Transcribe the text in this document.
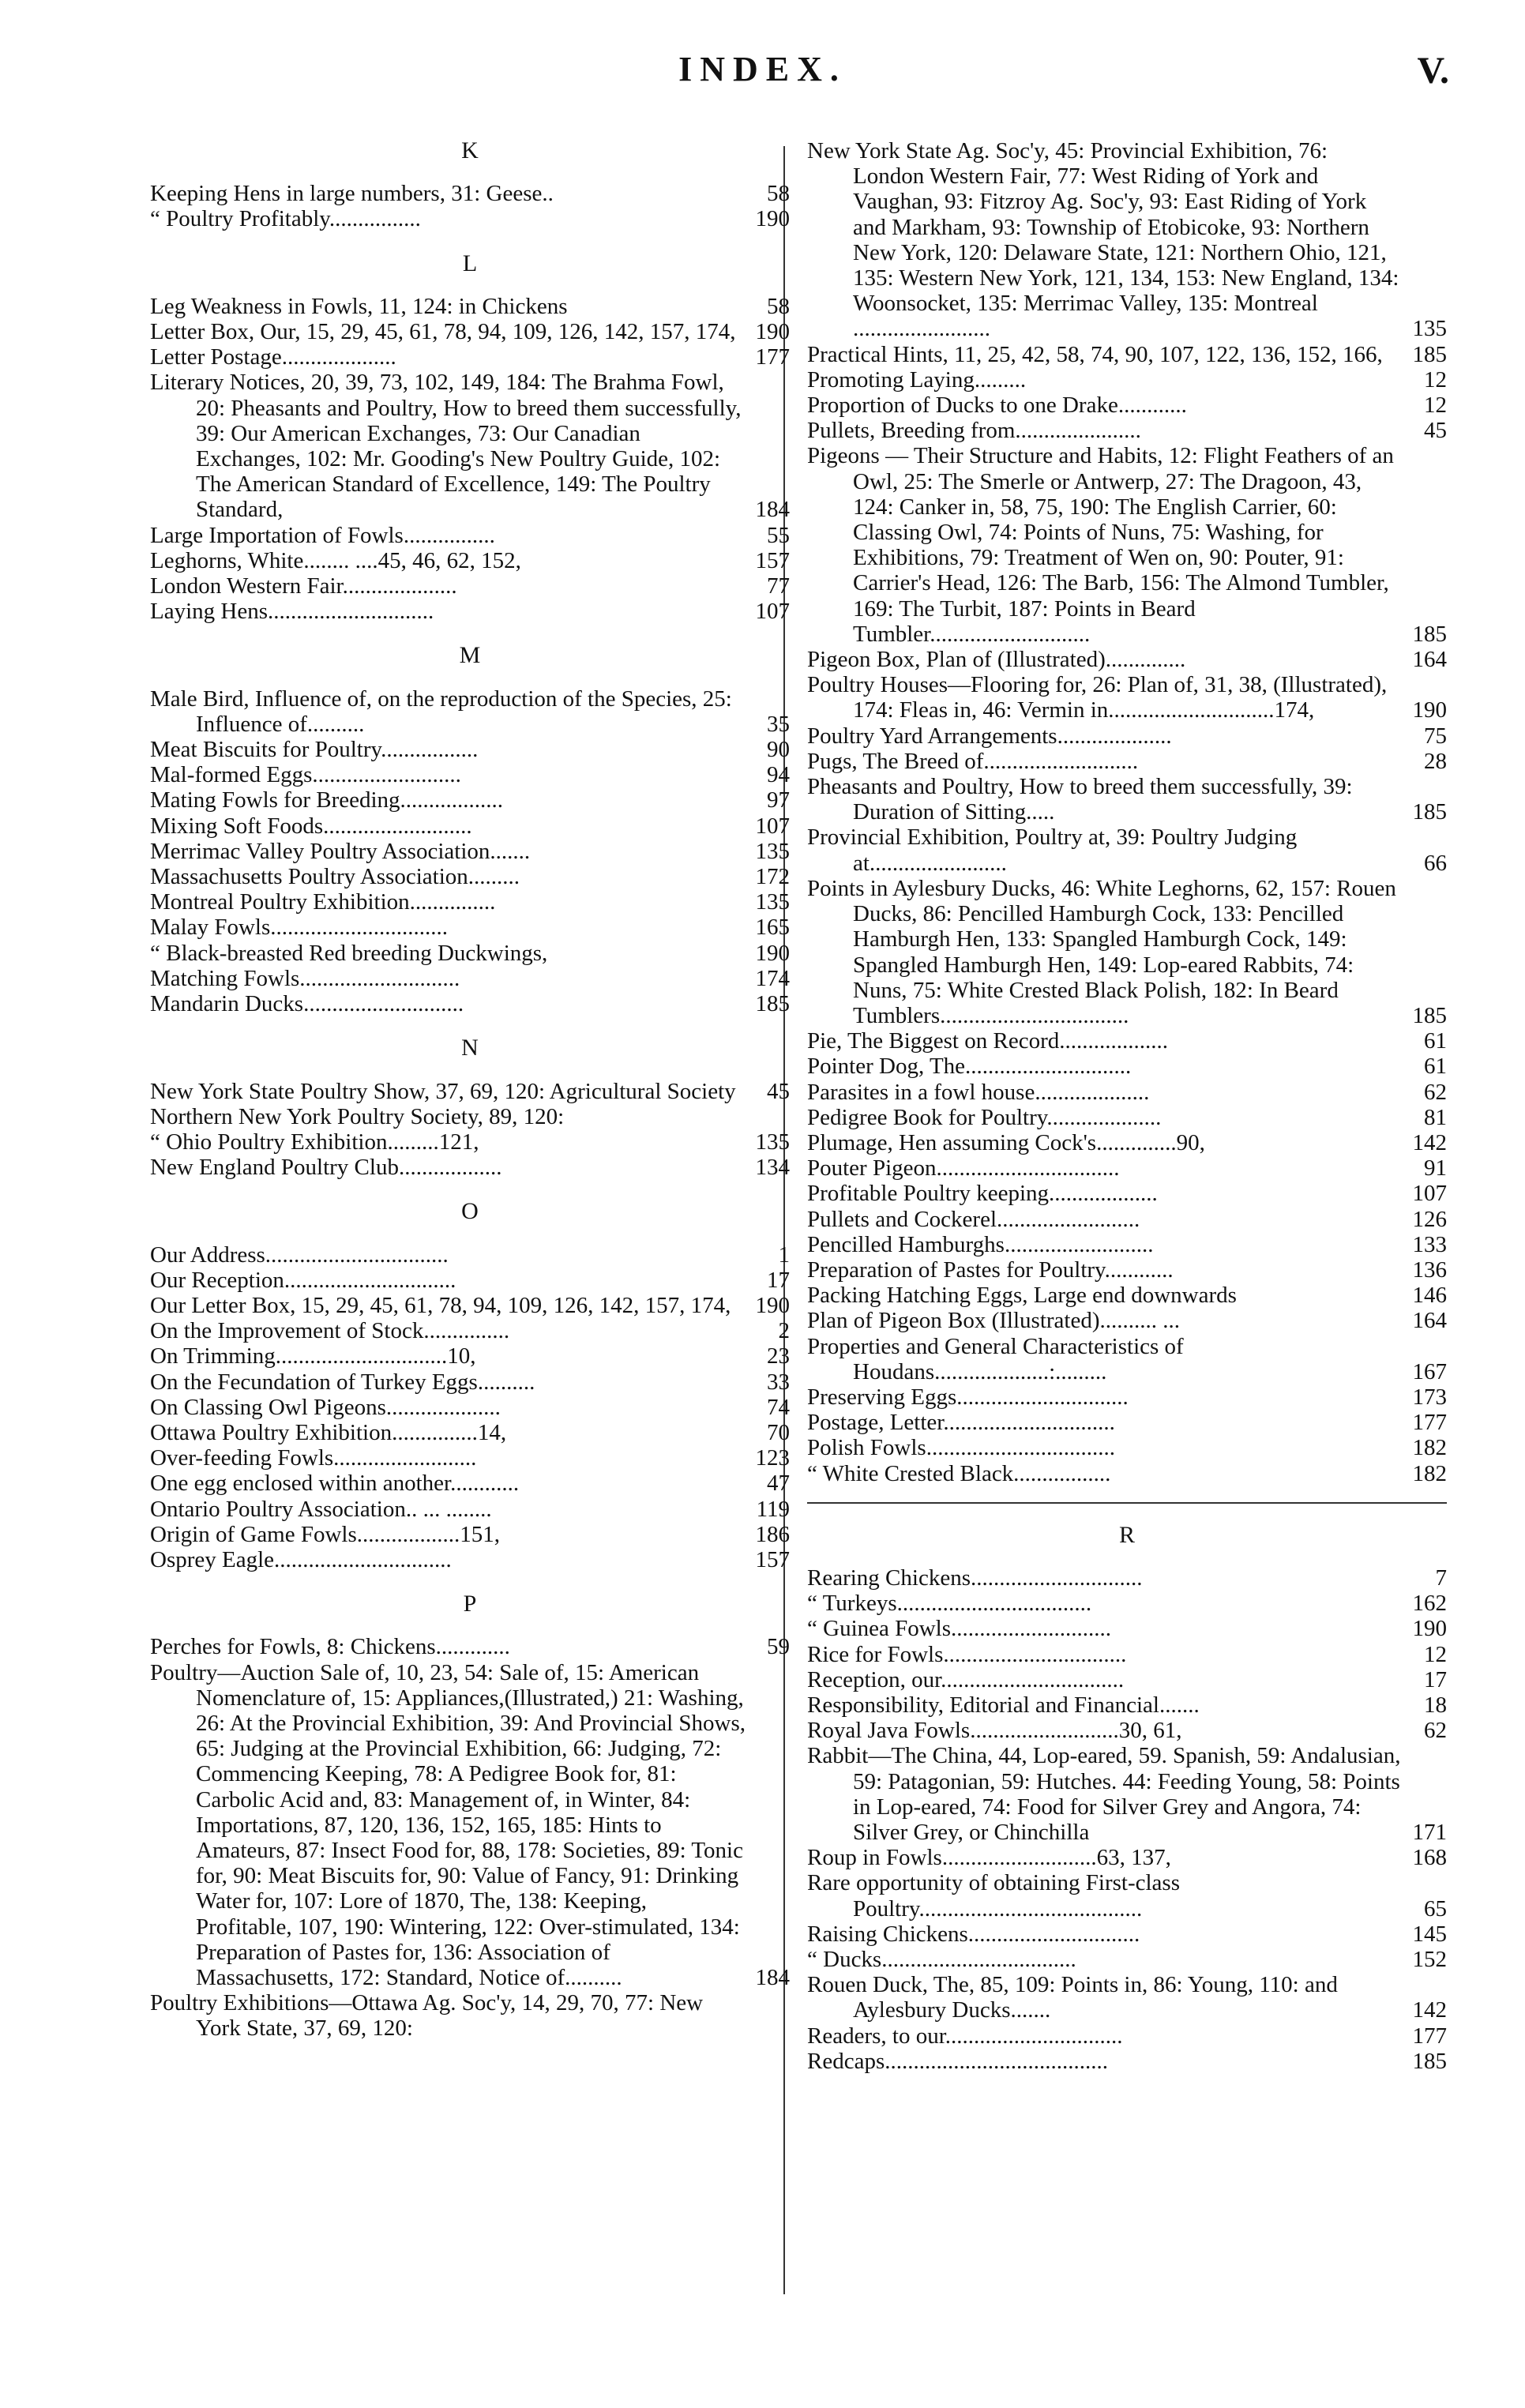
INDEX.	V.
K
Keeping Hens in large numbers, 31: Geese..	58
“ Poultry Profitably................	190
L
Leg Weakness in Fowls, 11, 124: in Chickens	58
Letter Box, Our, 15, 29, 45, 61, 78, 94, 109, 126, 142, 157, 174, 190
Letter Postage....................	177
Literary Notices, 20, 39, 73, 102, 149, 184: The Brahma Fowl, 20: Pheasants and Poultry, How to breed them successfully, 39: Our American Exchanges, 73: Our Canadian Exchanges, 102: Mr. Gooding's New Poultry Guide, 102: The American Standard of Excellence, 149: The Poultry Standard,	184
Large Importation of Fowls................	55
Leghorns, White........ ....45, 46, 62, 152,	157
London Western Fair....................	77
Laying Hens.............................	107
M
Male Bird, Influence of, on the reproduction of the Species, 25: Influence of..........	35
Meat Biscuits for Poultry.................	90
Mal-formed Eggs..........................	94
Mating Fowls for Breeding..................	97
Mixing Soft Foods..........................	107
Merrimac Valley Poultry Association.......	135
Massachusetts Poultry Association.........	172
Montreal Poultry Exhibition...............	135
Malay Fowls...............................	165
“ Black-breasted Red breeding Duckwings,	190
Matching Fowls............................	174
Mandarin Ducks............................	185
N
New York State Poultry Show, 37, 69, 120: Agricultural Society 45
Northern New York Poultry Society, 89, 120:
“ Ohio Poultry Exhibition.........121,	135
New England Poultry Club..................	134
O
Our Address................................	1
Our Reception..............................	17
Our Letter Box, 15, 29, 45, 61, 78, 94, 109, 126, 142, 157, 174, 190
On the Improvement of Stock...............	2
On Trimming..............................10,	23
On the Fecundation of Turkey Eggs..........	33
On Classing Owl Pigeons....................	74
Ottawa Poultry Exhibition...............14,	70
Over-feeding Fowls.........................	123
One egg enclosed within another............	47
Ontario Poultry Association.. ... ........	119
Origin of Game Fowls..................151,	186
Osprey Eagle...............................	157
P
Perches for Fowls, 8: Chickens.............	59
Poultry—Auction Sale of, 10, 23, 54: Sale of, 15: American Nomenclature of, 15: Appliances,(Illustrated,) 21: Washing, 26: At the Provincial Exhibition, 39: And Provincial Shows, 65: Judging at the Provincial Exhibition, 66: Judging, 72: Commencing Keeping, 78: A Pedigree Book for, 81: Carbolic Acid and, 83: Management of, in Winter, 84: Importations, 87, 120, 136, 152, 165, 185: Hints to Amateurs, 87: Insect Food for, 88, 178: Societies, 89: Tonic for, 90: Meat Biscuits for, 90: Value of Fancy, 91: Drinking Water for, 107: Lore of 1870, The, 138: Keeping, Profitable, 107, 190: Wintering, 122: Over-stimulated, 134: Preparation of Pastes for, 136: Association of Massachusetts, 172: Standard, Notice of..........	184
Poultry Exhibitions—Ottawa Ag. Soc'y, 14, 29, 70, 77: New York State, 37, 69, 120:
New York State Ag. Soc'y, 45: Provincial Exhibition, 76: London Western Fair, 77: West Riding of York and Vaughan, 93: Fitzroy Ag. Soc'y, 93: East Riding of York and Markham, 93: Township of Etobicoke, 93: Northern New York, 120: Delaware State, 121: Northern Ohio, 121, 135: Western New York, 121, 134, 153: New England, 134: Woonsocket, 135: Merrimac Valley, 135: Montreal ........................	135
Practical Hints, 11, 25, 42, 58, 74, 90, 107, 122, 136, 152, 166, 185
Promoting Laying.........	12
Proportion of Ducks to one Drake............	12
Pullets, Breeding from......................	45
Pigeons — Their Structure and Habits, 12: Flight Feathers of an Owl, 25: The Smerle or Antwerp, 27: The Dragoon, 43, 124: Canker in, 58, 75, 190: The English Carrier, 60: Classing Owl, 74: Points of Nuns, 75: Washing, for Exhibitions, 79: Treatment of Wen on, 90: Pouter, 91: Carrier's Head, 126: The Barb, 156: The Almond Tumbler, 169: The Turbit, 187: Points in Beard Tumbler............................	185
Pigeon Box, Plan of (Illustrated)..............	164
Poultry Houses—Flooring for, 26: Plan of, 31, 38, (Illustrated), 174: Fleas in, 46: Vermin in.............................174,	190
Poultry Yard Arrangements....................	75
Pugs, The Breed of...........................	28
Pheasants and Poultry, How to breed them successfully, 39: Duration of Sitting.....	185
Provincial Exhibition, Poultry at, 39: Poultry Judging at........................	66
Points in Aylesbury Ducks, 46: White Leghorns, 62, 157: Rouen Ducks, 86: Pencilled Hamburgh Cock, 133: Pencilled Hamburgh Hen, 133: Spangled Hamburgh Cock, 149: Spangled Hamburgh Hen, 149: Lop-eared Rabbits, 74: Nuns, 75: White Crested Black Polish, 182: In Beard Tumblers.................................	185
Pie, The Biggest on Record...................	61
Pointer Dog, The.............................	61
Parasites in a fowl house....................	62
Pedigree Book for Poultry....................	81
Plumage, Hen assuming Cock's..............90,	142
Pouter Pigeon................................	91
Profitable Poultry keeping...................	107
Pullets and Cockerel.........................	126
Pencilled Hamburghs..........................	133
Preparation of Pastes for Poultry............	136
Packing Hatching Eggs, Large end downwards	146
Plan of Pigeon Box (Illustrated).......... ...	164
Properties and General Characteristics of Houdans....................:.........	167
Preserving Eggs..............................	173
Postage, Letter..............................	177
Polish Fowls.................................	182
“ White Crested Black.................	182
R
Rearing Chickens..............................	7
“ Turkeys..................................	162
“ Guinea Fowls............................	190
Rice for Fowls................................	12
Reception, our................................	17
Responsibility, Editorial and Financial.......	18
Royal Java Fowls..........................30, 61,	62
Rabbit—The China, 44, Lop-eared, 59. Spanish, 59: Andalusian, 59: Patagonian, 59: Hutches. 44: Feeding Young, 58: Points in Lop-eared, 74: Food for Silver Grey and Angora, 74: Silver Grey, or Chinchilla	171
Roup in Fowls...........................63, 137,	168
Rare opportunity of obtaining First-class Poultry.......................................	65
Raising Chickens..............................	145
“ Ducks..................................	152
Rouen Duck, The, 85, 109: Points in, 86: Young, 110: and Aylesbury Ducks.......	142
Readers, to our...............................	177
Redcaps.......................................	185
